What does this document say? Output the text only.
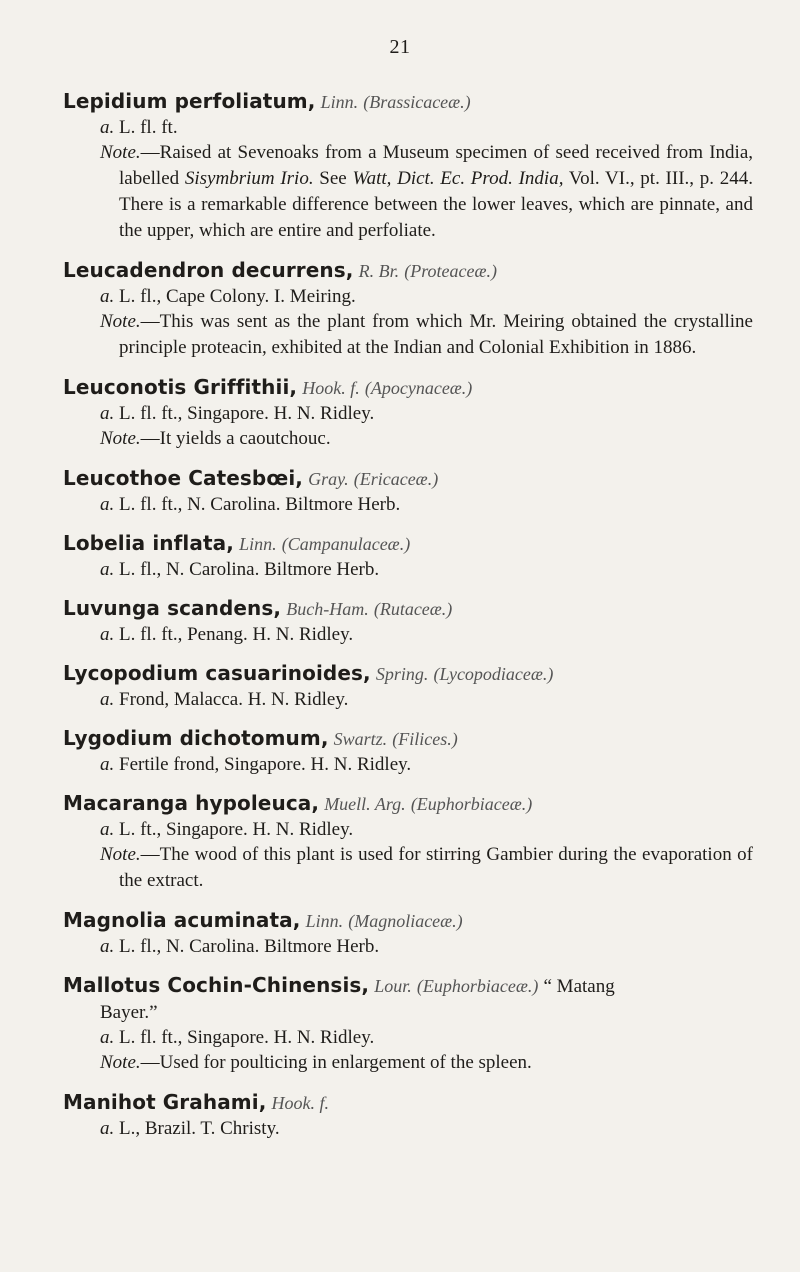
21
Lepidium perfoliatum, Linn. (Brassicaceæ.)
a. L. fl. ft.
Note.—Raised at Sevenoaks from a Museum specimen of seed received from India, labelled Sisymbrium Irio. See Watt, Dict. Ec. Prod. India, Vol. VI., pt. III., p. 244. There is a remarkable difference between the lower leaves, which are pinnate, and the upper, which are entire and perfoliate.
Leucadendron decurrens, R. Br. (Proteaceæ.)
a. L. fl., Cape Colony. I. Meiring.
Note.—This was sent as the plant from which Mr. Meiring obtained the crystalline principle proteacin, exhibited at the Indian and Colonial Exhibition in 1886.
Leuconotis Griffithii, Hook. f. (Apocynaceæ.)
a. L. fl. ft., Singapore. H. N. Ridley.
Note.—It yields a caoutchouc.
Leucothoe Catesbœi, Gray. (Ericaceæ.)
a. L. fl. ft., N. Carolina. Biltmore Herb.
Lobelia inflata, Linn. (Campanulaceæ.)
a. L. fl., N. Carolina. Biltmore Herb.
Luvunga scandens, Buch-Ham. (Rutaceæ.)
a. L. fl. ft., Penang. H. N. Ridley.
Lycopodium casuarinoides, Spring. (Lycopodiaceæ.)
a. Frond, Malacca. H. N. Ridley.
Lygodium dichotomum, Swartz. (Filices.)
a. Fertile frond, Singapore. H. N. Ridley.
Macaranga hypoleuca, Muell. Arg. (Euphorbiaceæ.)
a. L. ft., Singapore. H. N. Ridley.
Note.—The wood of this plant is used for stirring Gambier during the evaporation of the extract.
Magnolia acuminata, Linn. (Magnoliaceæ.)
a. L. fl., N. Carolina. Biltmore Herb.
Mallotus Cochin-Chinensis, Lour. (Euphorbiaceæ.) “ Matang
Bayer.”
a. L. fl. ft., Singapore. H. N. Ridley.
Note.—Used for poulticing in enlargement of the spleen.
Manihot Grahami, Hook. f.
a. L., Brazil. T. Christy.
